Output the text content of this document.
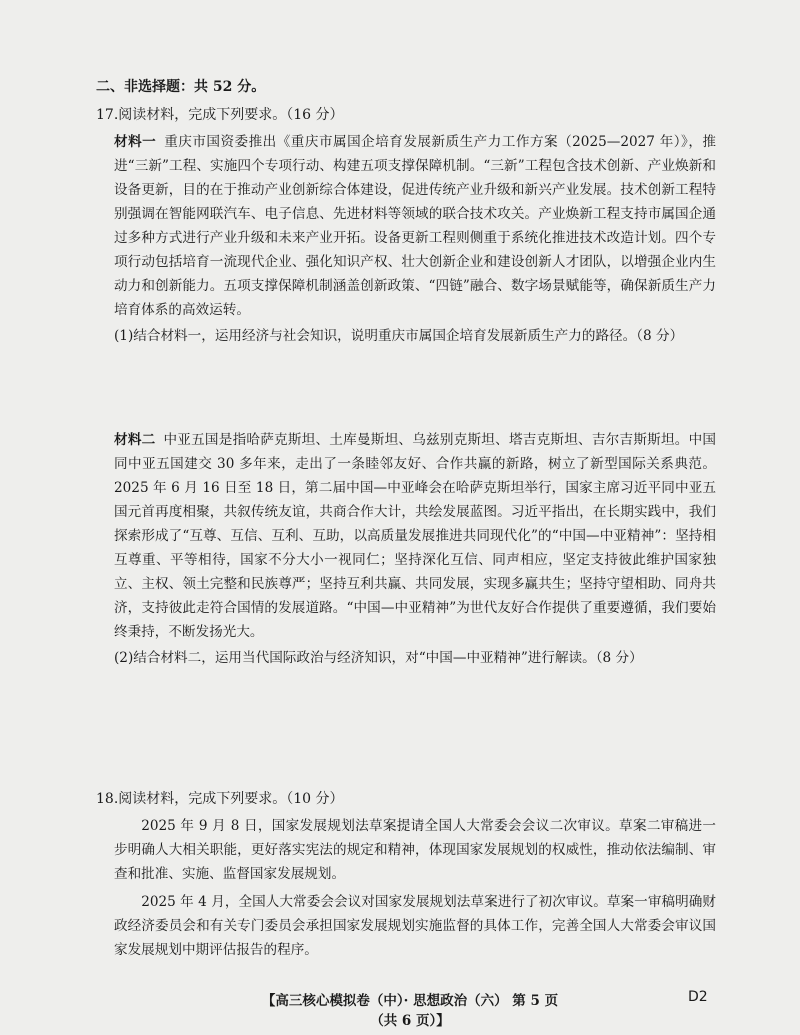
二、非选择题：共 52 分。

17.阅读材料，完成下列要求。（16 分）

材料一 重庆市国资委推出《重庆市属国企培育发展新质生产力工作方案（2025—2027 年）》，推进“三新”工程、实施四个专项行动、构建五项支撑保障机制。“三新”工程包含技术创新、产业焕新和设备更新，目的在于推动产业创新综合体建设，促进传统产业升级和新兴产业发展。技术创新工程特别强调在智能网联汽车、电子信息、先进材料等领域的联合技术攻关。产业焕新工程支持市属国企通过多种方式进行产业升级和未来产业开拓。设备更新工程则侧重于系统化推进技术改造计划。四个专项行动包括培育一流现代企业、强化知识产权、壮大创新企业和建设创新人才团队，以增强企业内生动力和创新能力。五项支撑保障机制涵盖创新政策、“四链”融合、数字场景赋能等，确保新质生产力培育体系的高效运转。

(1)结合材料一，运用经济与社会知识，说明重庆市属国企培育发展新质生产力的路径。（8 分）

材料二 中亚五国是指哈萨克斯坦、土库曼斯坦、乌兹别克斯坦、塔吉克斯坦、吉尔吉斯斯坦。中国同中亚五国建交 30 多年来，走出了一条睦邻友好、合作共赢的新路，树立了新型国际关系典范。2025 年 6 月 16 日至 18 日，第二届中国—中亚峰会在哈萨克斯坦举行，国家主席习近平同中亚五国元首再度相聚，共叙传统友谊，共商合作大计，共绘发展蓝图。习近平指出，在长期实践中，我们探索形成了“互尊、互信、互利、互助，以高质量发展推进共同现代化”的“中国—中亚精神”：坚持相互尊重、平等相待，国家不分大小一视同仁；坚持深化互信、同声相应，坚定支持彼此维护国家独立、主权、领土完整和民族尊严；坚持互利共赢、共同发展，实现多赢共生；坚持守望相助、同舟共济，支持彼此走符合国情的发展道路。“中国—中亚精神”为世代友好合作提供了重要遵循，我们要始终秉持，不断发扬光大。

(2)结合材料二，运用当代国际政治与经济知识，对“中国—中亚精神”进行解读。（8 分）

18.阅读材料，完成下列要求。（10 分）

2025 年 9 月 8 日，国家发展规划法草案提请全国人大常委会会议二次审议。草案二审稿进一步明确人大相关职能，更好落实宪法的规定和精神，体现国家发展规划的权威性，推动依法编制、审查和批准、实施、监督国家发展规划。

2025 年 4 月，全国人大常委会会议对国家发展规划法草案进行了初次审议。草案一审稿明确财政经济委员会和有关专门委员会承担国家发展规划实施监督的具体工作，完善全国人大常委会审议国家发展规划中期评估报告的程序。

【高三核心模拟卷（中）· 思想政治（六） 第 5 页（共 6 页）】
D2
